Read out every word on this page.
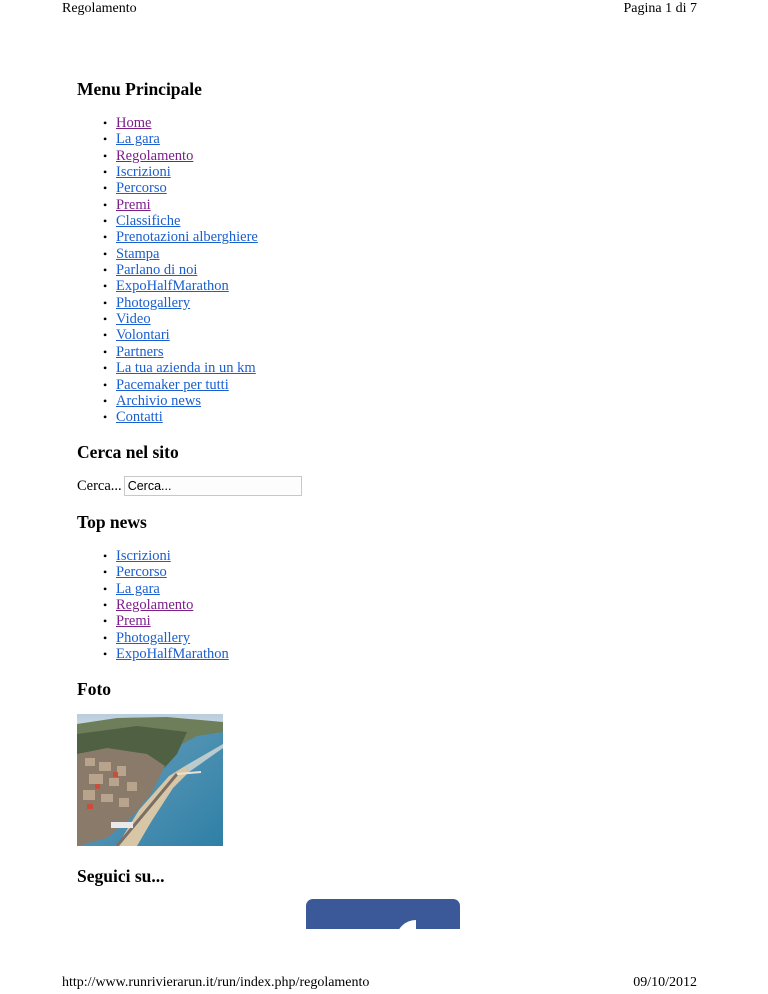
Regolamento	Pagina 1 di 7
Menu Principale
• Home
• La gara
• Regolamento
• Iscrizioni
• Percorso
• Premi
• Classifiche
• Prenotazioni alberghiere
• Stampa
• Parlano di noi
• ExpoHalfMarathon
• Photogallery
• Video
• Volontari
• Partners
• La tua azienda in un km
• Pacemaker per tutti
• Archivio news
• Contatti
Cerca nel sito
Cerca...
Cerca...
Top news
• Iscrizioni
• Percorso
• La gara
• Regolamento
• Premi
• Photogallery
• ExpoHalfMarathon
Foto
Seguici su...
http://www.runrivierarun.it/run/index.php/regolamento	09/10/2012
